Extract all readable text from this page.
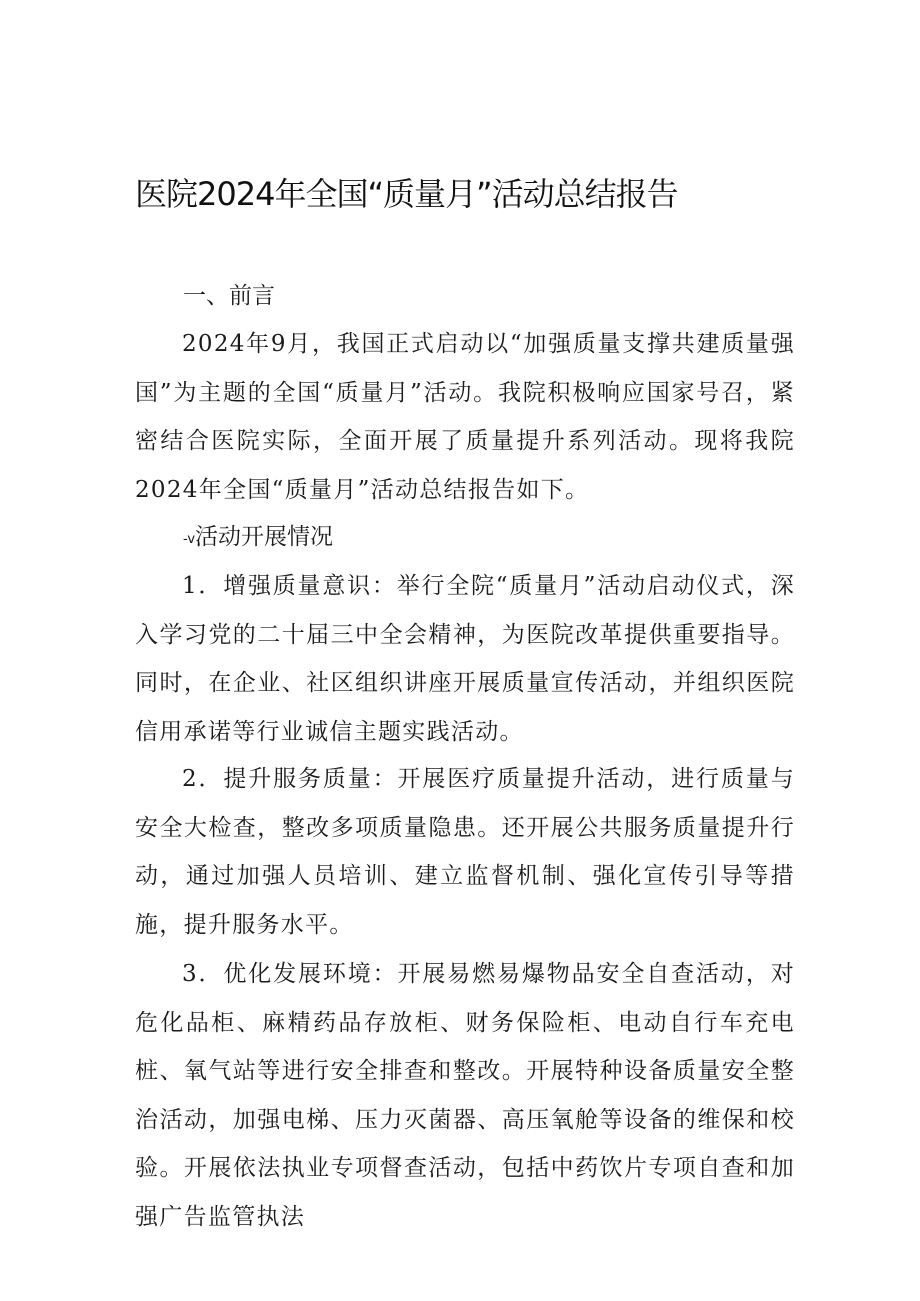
医院2024年全国“质量月”活动总结报告
一、前言

2024年9月，我国正式启动以“加强质量支撑共建质量强国”为主题的全国“质量月”活动。我院积极响应国家号召，紧密结合医院实际，全面开展了质量提升系列活动。现将我院2024年全国“质量月”活动总结报告如下。

-v活动开展情况

1．增强质量意识：举行全院“质量月”活动启动仪式，深入学习党的二十届三中全会精神，为医院改革提供重要指导。同时，在企业、社区组织讲座开展质量宣传活动，并组织医院信用承诺等行业诚信主题实践活动。

2．提升服务质量：开展医疗质量提升活动，进行质量与安全大检查，整改多项质量隐患。还开展公共服务质量提升行动，通过加强人员培训、建立监督机制、强化宣传引导等措施，提升服务水平。

3．优化发展环境：开展易燃易爆物品安全自查活动，对危化品柜、麻精药品存放柜、财务保险柜、电动自行车充电桩、氧气站等进行安全排查和整改。开展特种设备质量安全整治活动，加强电梯、压力灭菌器、高压氧舱等设备的维保和校验。开展依法执业专项督查活动，包括中药饮片专项自查和加强广告监管执法
